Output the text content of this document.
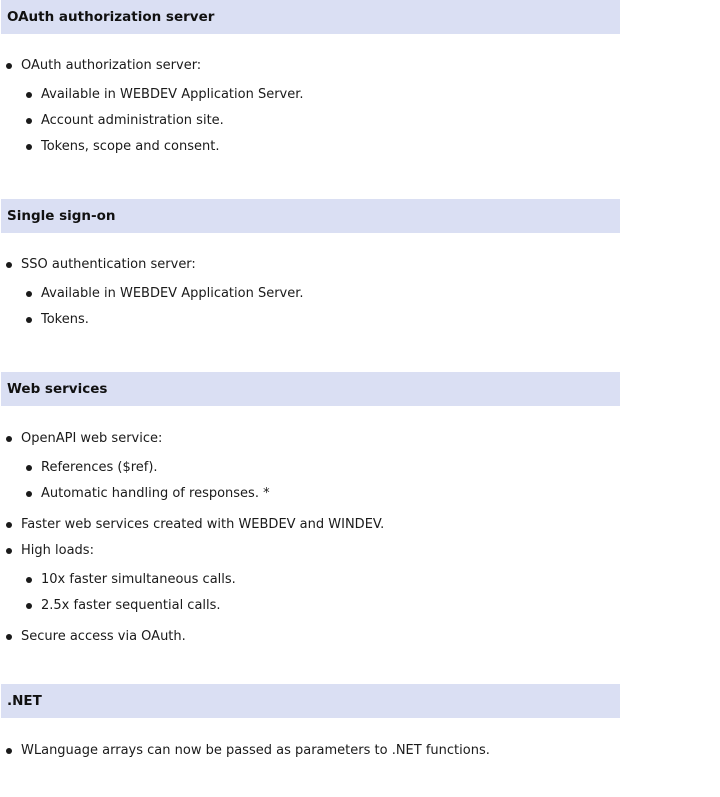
OAuth authorization server
OAuth authorization server:
Available in WEBDEV Application Server.
Account administration site.
Tokens, scope and consent.
Single sign-on
SSO authentication server:
Available in WEBDEV Application Server.
Tokens.
Web services
OpenAPI web service:
References ($ref).
Automatic handling of responses. *
Faster web services created with WEBDEV and WINDEV.
High loads:
10x faster simultaneous calls.
2.5x faster sequential calls.
Secure access via OAuth.
.NET
WLanguage arrays can now be passed as parameters to .NET functions.
